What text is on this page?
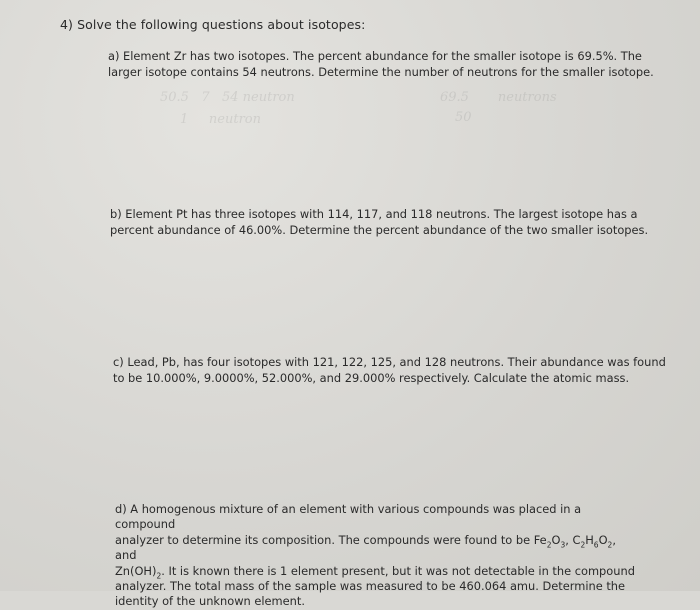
50.5   7   54 neutron	69.5       neutrons
1     neutron	50
4) Solve the following questions about isotopes:

a) Element Zr has two isotopes. The percent abundance for the smaller isotope is 69.5%. The

larger isotope contains 54 neutrons. Determine the number of neutrons for the smaller isotope.

b) Element Pt has three isotopes with 114, 117, and 118 neutrons. The largest isotope has a

percent abundance of 46.00%. Determine the percent abundance of the two smaller isotopes.

c) Lead, Pb, has four isotopes with 121, 122, 125, and 128 neutrons. Their abundance was found

to be 10.000%, 9.0000%, 52.000%, and 29.000% respectively. Calculate the atomic mass.

d) A homogenous mixture of an element with various compounds was placed in a compound

analyzer to determine its composition. The compounds were found to be $Fe_2O_3$, $C_2H_6O_2$, and

$Zn(OH)_2$. It is known there is 1 element present, but it was not detectable in the compound

analyzer. The total mass of the sample was measured to be 460.064 amu. Determine the

identity of the unknown element.
